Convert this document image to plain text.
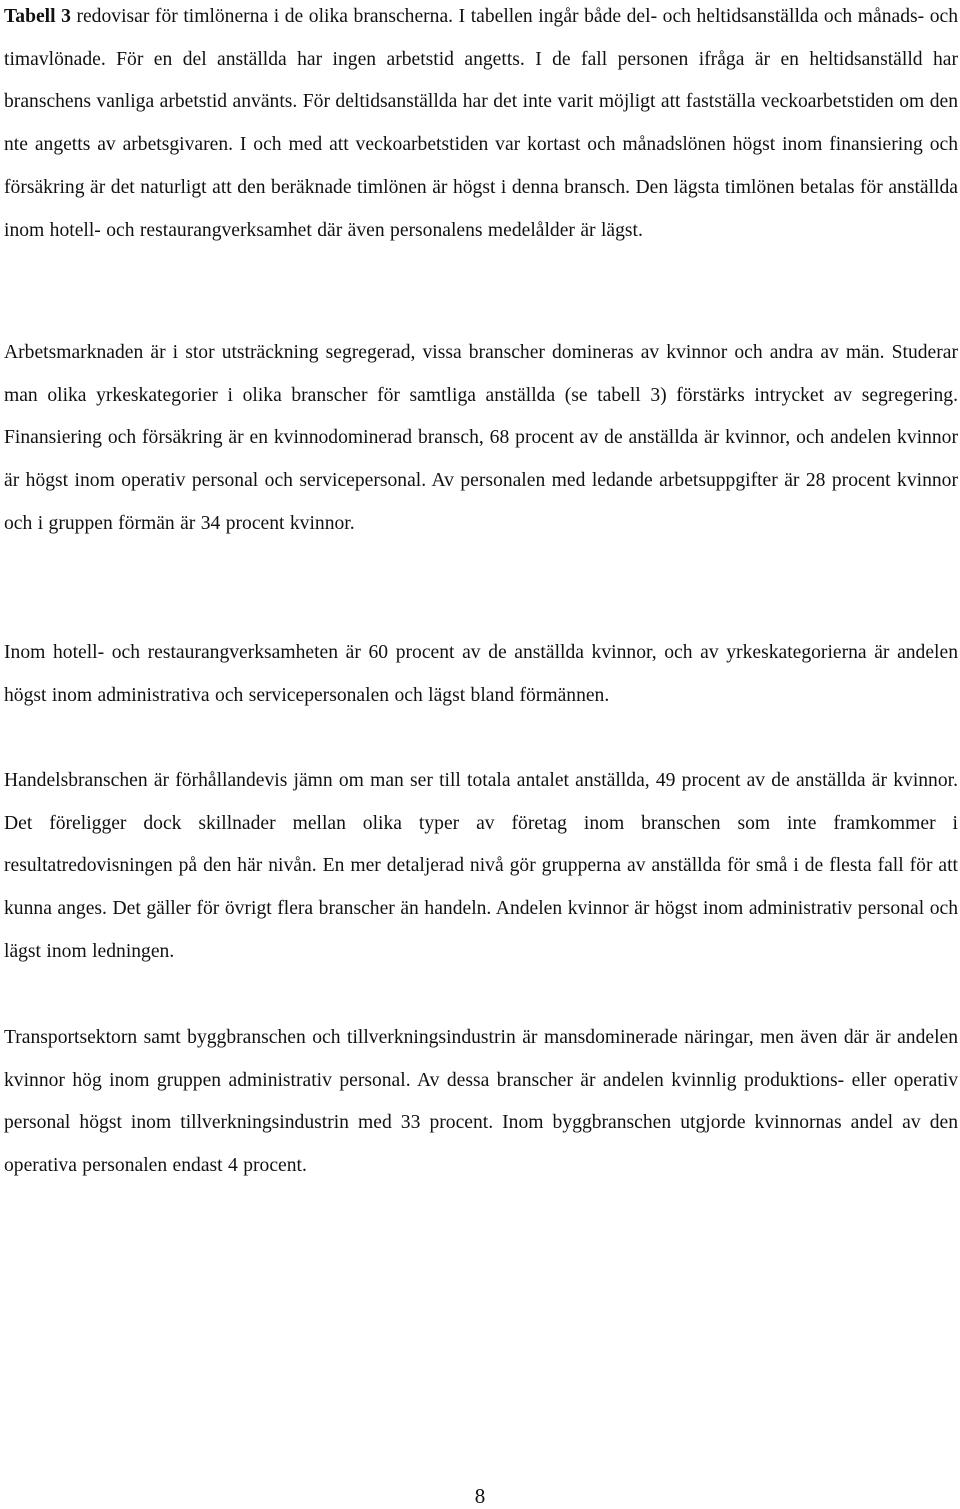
Tabell 3 redovisar för timlönerna i de olika branscherna. I tabellen ingår både del- och heltidsanställda och månads- och timavlönade. För en del anställda har ingen arbetstid angetts. I de fall personen ifråga är en heltidsanställd har branschens vanliga arbetstid använts. För deltidsanställda har det inte varit möjligt att fastställa veckoarbetstiden om den nte angetts av arbetsgivaren. I och med att veckoarbetstiden var kortast och månadslönen högst inom finansiering och försäkring är det naturligt att den beräknade timlönen är högst i denna bransch. Den lägsta timlönen betalas för anställda inom hotell- och restaurangverksamhet där även personalens medelålder är lägst.

Arbetsmarknaden är i stor utsträckning segregerad, vissa branscher domineras av kvinnor och andra av män. Studerar man olika yrkeskategorier i olika branscher för samtliga anställda (se tabell 3) förstärks intrycket av segregering. Finansiering och försäkring är en kvinnodominerad bransch, 68 procent av de anställda är kvinnor, och andelen kvinnor är högst inom operativ personal och servicepersonal. Av personalen med ledande arbetsuppgifter är 28 procent kvinnor och i gruppen förmän är 34 procent kvinnor.

Inom hotell- och restaurangverksamheten är 60 procent av de anställda kvinnor, och av yrkeskategorierna är andelen högst inom administrativa och servicepersonalen och lägst bland förmännen.

Handelsbranschen är förhållandevis jämn om man ser till totala antalet anställda, 49 procent av de anställda är kvinnor. Det föreligger dock skillnader mellan olika typer av företag inom branschen som inte framkommer i resultatredovisningen på den här nivån. En mer detaljerad nivå gör grupperna av anställda för små i de flesta fall för att kunna anges. Det gäller för övrigt flera branscher än handeln. Andelen kvinnor är högst inom administrativ personal och lägst inom ledningen.

Transportsektorn samt byggbranschen och tillverkningsindustrin är mansdominerade näringar, men även där är andelen kvinnor hög inom gruppen administrativ personal. Av dessa branscher är andelen kvinnlig produktions- eller operativ personal högst inom tillverkningsindustrin med 33 procent. Inom byggbranschen utgjorde kvinnornas andel av den operativa personalen endast 4 procent.

8
